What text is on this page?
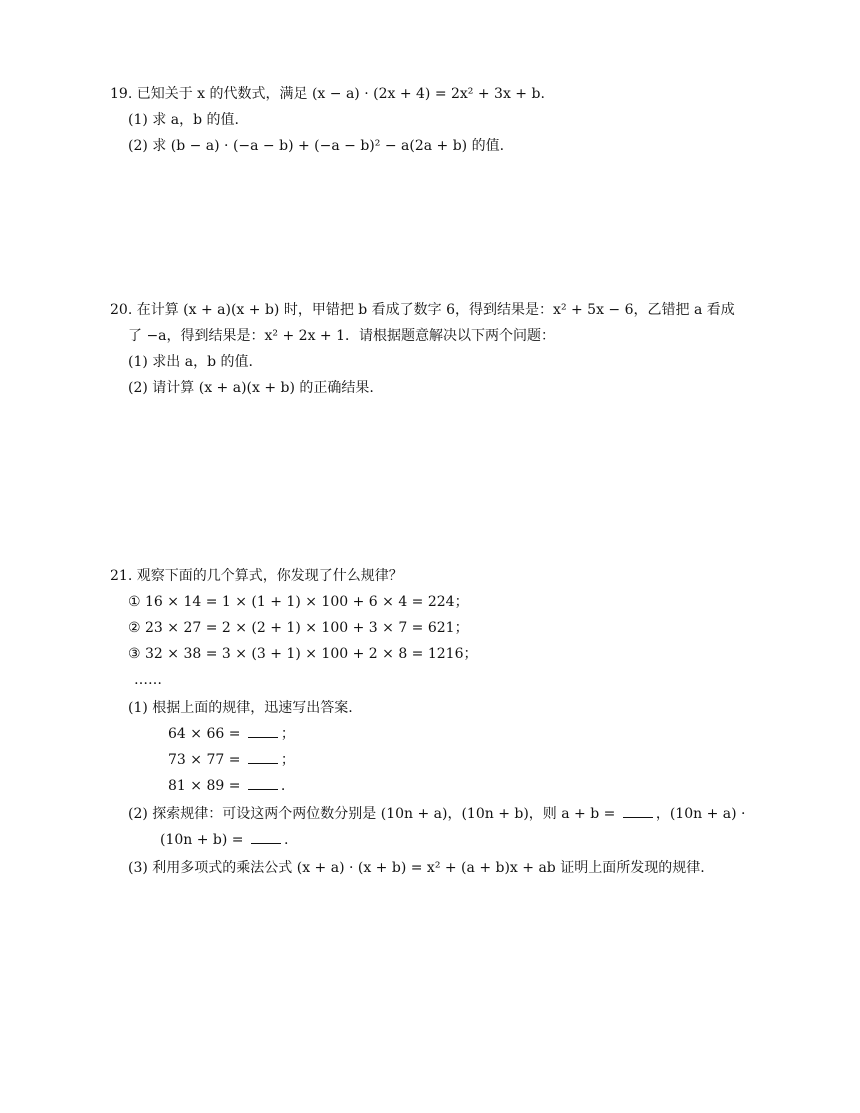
19. 已知关于 x 的代数式，满足 (x − a) · (2x + 4) = 2x² + 3x + b.
(1) 求 a，b 的值.
(2) 求 (b − a) · (−a − b) + (−a − b)² − a(2a + b) 的值.
20. 在计算 (x + a)(x + b) 时，甲错把 b 看成了数字 6，得到结果是：x² + 5x − 6，乙错把 a 看成
了 −a，得到结果是：x² + 2x + 1．请根据题意解决以下两个问题：
(1) 求出 a，b 的值.
(2) 请计算 (x + a)(x + b) 的正确结果.
21. 观察下面的几个算式，你发现了什么规律？
① 16 × 14 = 1 × (1 + 1) × 100 + 6 × 4 = 224；
② 23 × 27 = 2 × (2 + 1) × 100 + 3 × 7 = 621；
③ 32 × 38 = 3 × (3 + 1) × 100 + 2 × 8 = 1216；
……
(1) 根据上面的规律，迅速写出答案.
64 × 66 =	；
73 × 77 =	；
81 × 89 =	.
(2) 探索规律：可设这两个两位数分别是 (10n + a)，(10n + b)，则 a + b =	，(10n + a) ·
(10n + b) =	.
(3) 利用多项式的乘法公式 (x + a) · (x + b) = x² + (a + b)x + ab 证明上面所发现的规律.
